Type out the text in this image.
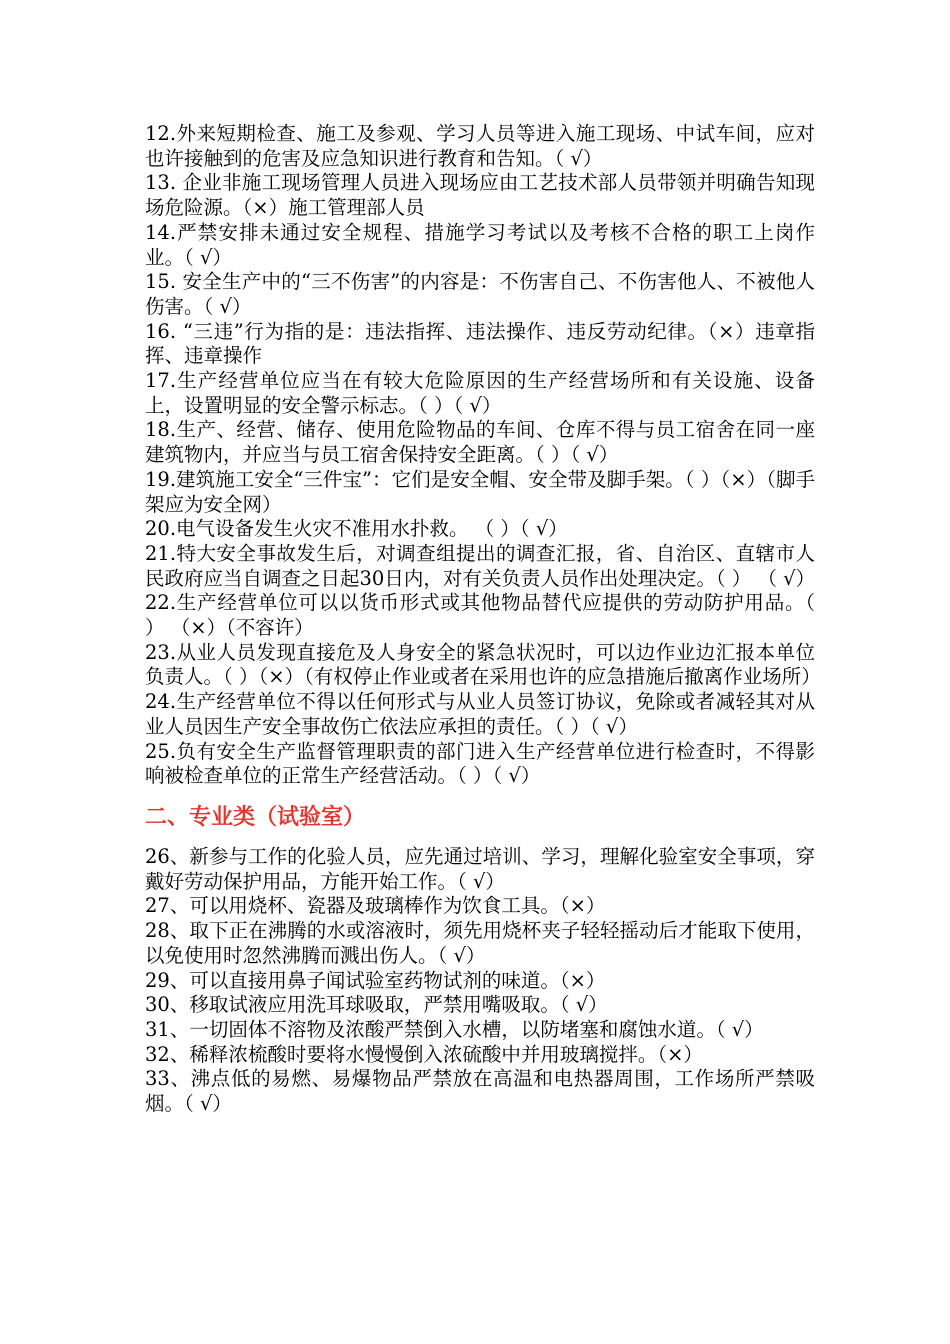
12.外来短期检查、施工及参观、学习人员等进入施工现场、中试车间，应对也许接触到的危害及应急知识进行教育和告知。（ √）

13. 企业非施工现场管理人员进入现场应由工艺技术部人员带领并明确告知现场危险源。（×）施工管理部人员

14.严禁安排未通过安全规程、措施学习考试以及考核不合格的职工上岗作业。（ √）

15. 安全生产中的“三不伤害”的内容是：不伤害自己、不伤害他人、不被他人伤害。（ √）

16. “三违”行为指的是：违法指挥、违法操作、违反劳动纪律。（×）违章指挥、违章操作

17.生产经营单位应当在有较大危险原因的生产经营场所和有关设施、设备上，设置明显的安全警示标志。（ ）（ √）

18.生产、经营、储存、使用危险物品的车间、仓库不得与员工宿舍在同一座建筑物内，并应当与员工宿舍保持安全距离。（ ）（ √）

19.建筑施工安全“三件宝”：它们是安全帽、安全带及脚手架。（ ）（×）（脚手架应为安全网）

20.电气设备发生火灾不准用水扑救。 （ ）（ √）

21.特大安全事故发生后，对调查组提出的调查汇报，省、自治区、直辖市人民政府应当自调查之日起30日内，对有关负责人员作出处理决定。（ ） （ √）

22.生产经营单位可以以货币形式或其他物品替代应提供的劳动防护用品。（ ） （×）（不容许）

23.从业人员发现直接危及人身安全的紧急状况时，可以边作业边汇报本单位负责人。（ ）（×）（有权停止作业或者在采用也许的应急措施后撤离作业场所）

24.生产经营单位不得以任何形式与从业人员签订协议，免除或者减轻其对从业人员因生产安全事故伤亡依法应承担的责任。（ ）（ √）

25.负有安全生产监督管理职责的部门进入生产经营单位进行检查时，不得影响被检查单位的正常生产经营活动。（ ）（ √）

二、专业类（试验室）

26、新参与工作的化验人员，应先通过培训、学习，理解化验室安全事项，穿戴好劳动保护用品，方能开始工作。（ √）

27、可以用烧杯、瓷器及玻璃棒作为饮食工具。（×）

28、取下正在沸腾的水或溶液时，须先用烧杯夹子轻轻摇动后才能取下使用，以免使用时忽然沸腾而溅出伤人。（ √）

29、可以直接用鼻子闻试验室药物试剂的味道。（×）

30、移取试液应用洗耳球吸取，严禁用嘴吸取。（ √）

31、一切固体不溶物及浓酸严禁倒入水槽，以防堵塞和腐蚀水道。（ √）

32、稀释浓梳酸时要将水慢慢倒入浓硫酸中并用玻璃搅拌。（×）

33、沸点低的易燃、易爆物品严禁放在高温和电热器周围，工作场所严禁吸烟。（ √）
